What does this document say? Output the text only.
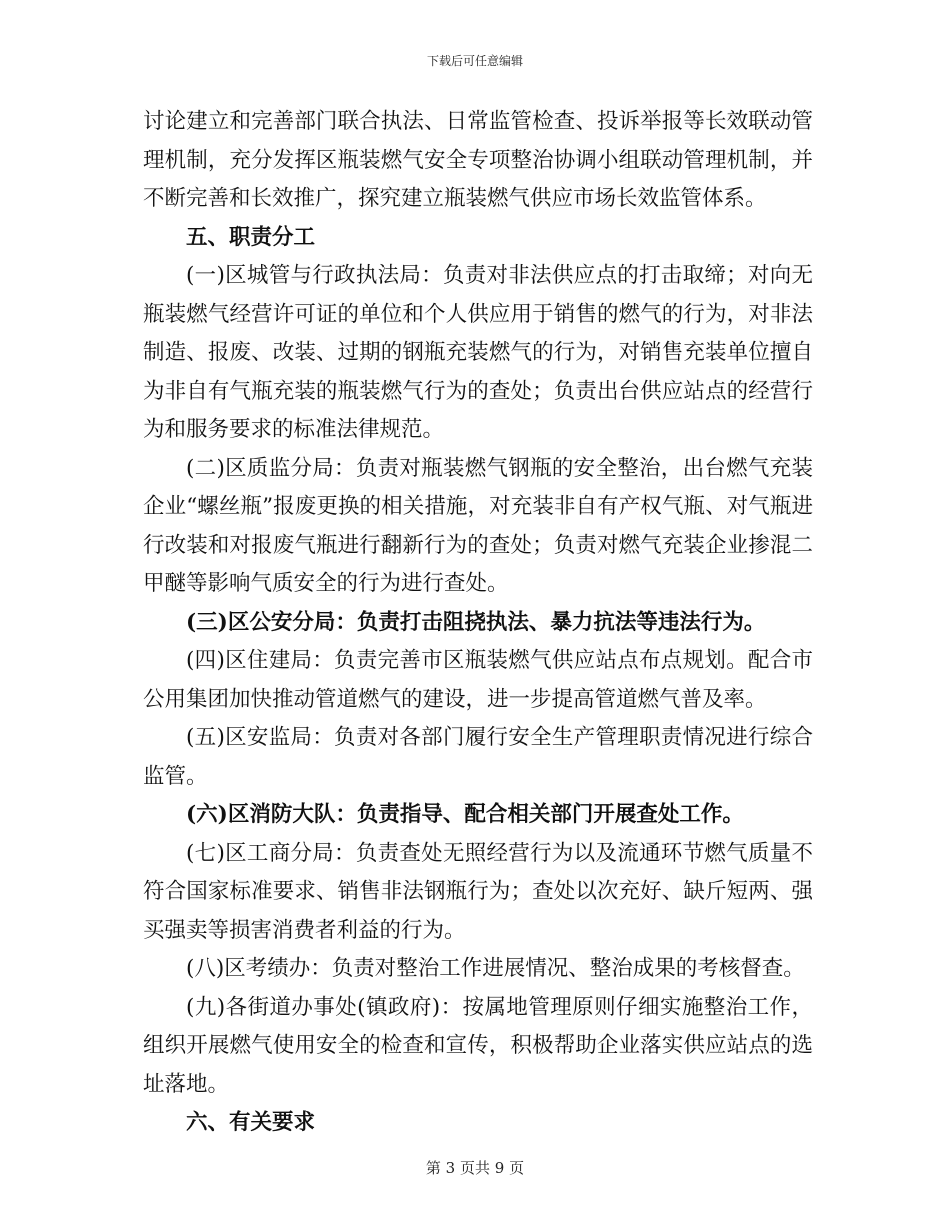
下载后可任意编辑

讨论建立和完善部门联合执法、日常监管检查、投诉举报等长效联动管理机制，充分发挥区瓶装燃气安全专项整治协调小组联动管理机制，并不断完善和长效推广，探究建立瓶装燃气供应市场长效监管体系。

五、职责分工

(一)区城管与行政执法局：负责对非法供应点的打击取缔；对向无瓶装燃气经营许可证的单位和个人供应用于销售的燃气的行为，对非法制造、报废、改装、过期的钢瓶充装燃气的行为，对销售充装单位擅自为非自有气瓶充装的瓶装燃气行为的查处；负责出台供应站点的经营行为和服务要求的标准法律规范。

(二)区质监分局：负责对瓶装燃气钢瓶的安全整治，出台燃气充装企业“螺丝瓶”报废更换的相关措施，对充装非自有产权气瓶、对气瓶进行改装和对报废气瓶进行翻新行为的查处；负责对燃气充装企业掺混二甲醚等影响气质安全的行为进行查处。

(三)区公安分局：负责打击阻挠执法、暴力抗法等违法行为。

(四)区住建局：负责完善市区瓶装燃气供应站点布点规划。配合市公用集团加快推动管道燃气的建设，进一步提高管道燃气普及率。

(五)区安监局：负责对各部门履行安全生产管理职责情况进行综合监管。

(六)区消防大队：负责指导、配合相关部门开展查处工作。

(七)区工商分局：负责查处无照经营行为以及流通环节燃气质量不符合国家标准要求、销售非法钢瓶行为；查处以次充好、缺斤短两、强买强卖等损害消费者利益的行为。

(八)区考绩办：负责对整治工作进展情况、整治成果的考核督查。

(九)各街道办事处(镇政府)：按属地管理原则仔细实施整治工作，组织开展燃气使用安全的检查和宣传，积极帮助企业落实供应站点的选址落地。

六、有关要求

第 3 页共 9 页
